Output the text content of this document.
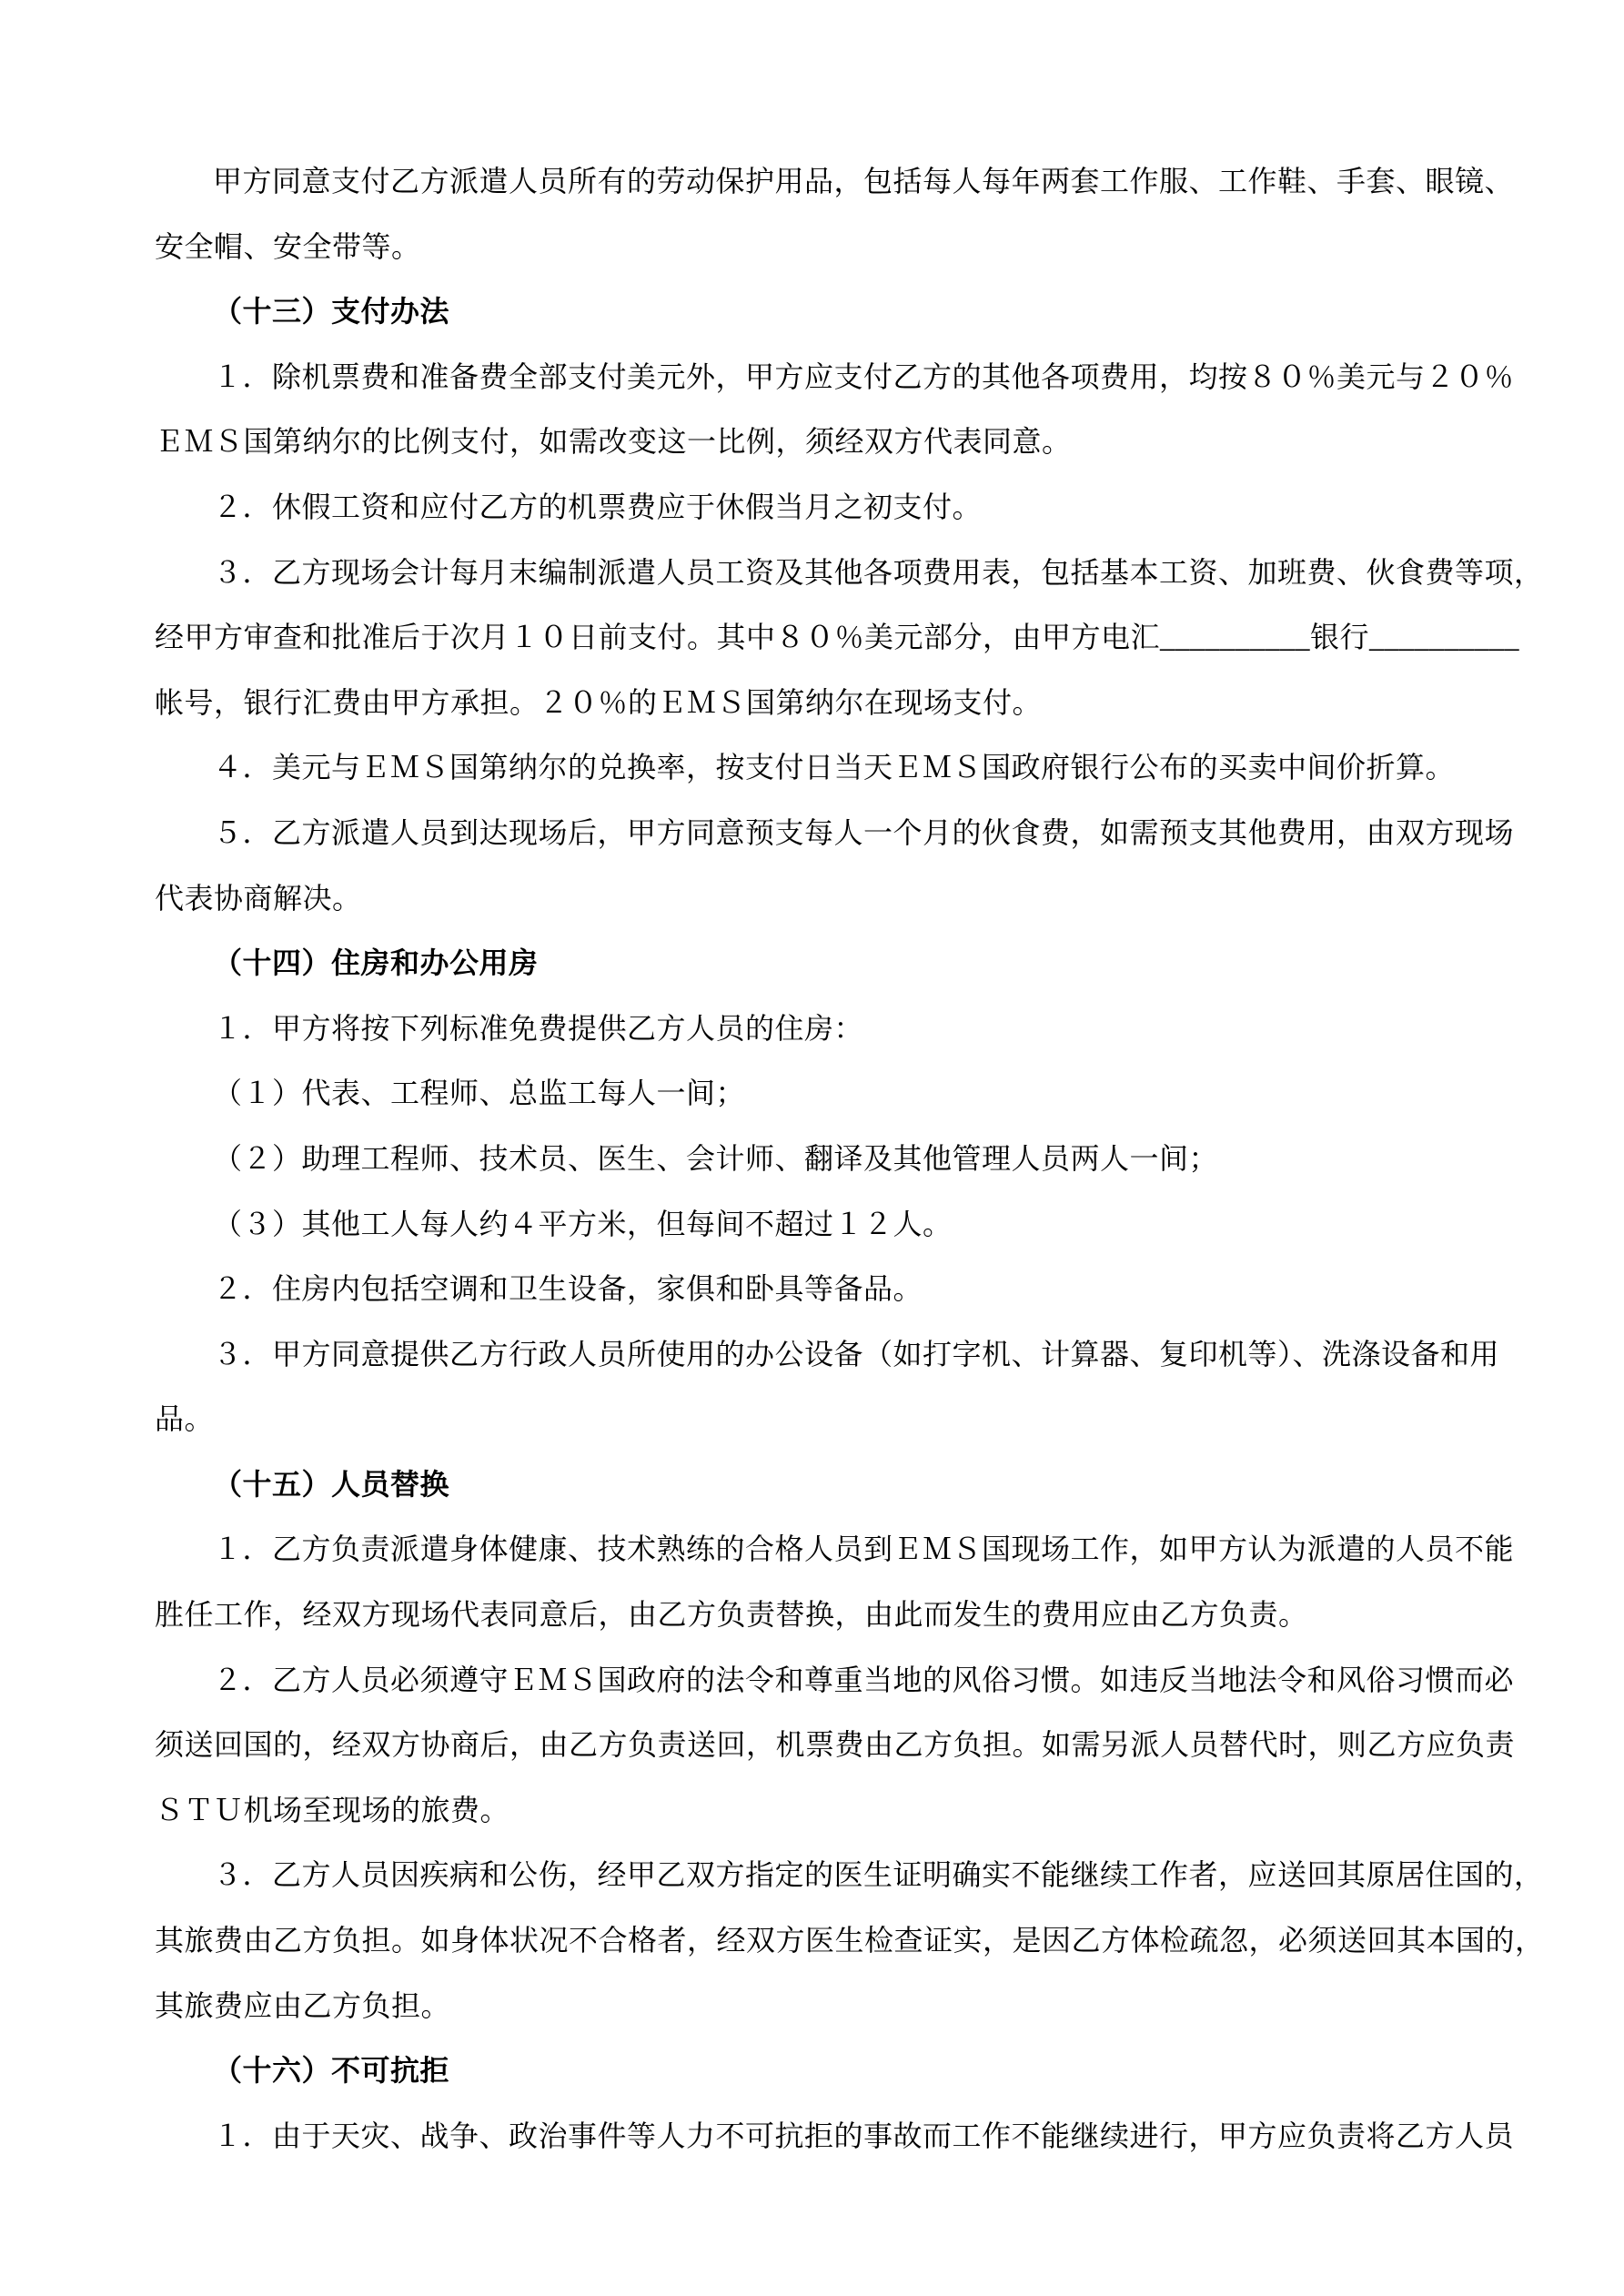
甲方同意支付乙方派遣人员所有的劳动保护用品，包括每人每年两套工作服、工作鞋、手套、眼镜、
安全帽、安全带等。
（十三）支付办法
１．除机票费和准备费全部支付美元外，甲方应支付乙方的其他各项费用，均按８０％美元与２０％
ＥＭＳ国第纳尔的比例支付，如需改变这一比例，须经双方代表同意。
２．休假工资和应付乙方的机票费应于休假当月之初支付。
３．乙方现场会计每月末编制派遣人员工资及其他各项费用表，包括基本工资、加班费、伙食费等项，
经甲方审查和批准后于次月１０日前支付。其中８０％美元部分，由甲方电汇__________银行__________
帐号，银行汇费由甲方承担。２０％的ＥＭＳ国第纳尔在现场支付。
４．美元与ＥＭＳ国第纳尔的兑换率，按支付日当天ＥＭＳ国政府银行公布的买卖中间价折算。
５．乙方派遣人员到达现场后，甲方同意预支每人一个月的伙食费，如需预支其他费用，由双方现场
代表协商解决。
（十四）住房和办公用房
１．甲方将按下列标准免费提供乙方人员的住房：
（１）代表、工程师、总监工每人一间；
（２）助理工程师、技术员、医生、会计师、翻译及其他管理人员两人一间；
（３）其他工人每人约４平方米，但每间不超过１２人。
２．住房内包括空调和卫生设备，家俱和卧具等备品。
３．甲方同意提供乙方行政人员所使用的办公设备（如打字机、计算器、复印机等）、洗涤设备和用
品。
（十五）人员替换
１．乙方负责派遣身体健康、技术熟练的合格人员到ＥＭＳ国现场工作，如甲方认为派遣的人员不能
胜任工作，经双方现场代表同意后，由乙方负责替换，由此而发生的费用应由乙方负责。
２．乙方人员必须遵守ＥＭＳ国政府的法令和尊重当地的风俗习惯。如违反当地法令和风俗习惯而必
须送回国的，经双方协商后，由乙方负责送回，机票费由乙方负担。如需另派人员替代时，则乙方应负责
ＳＴＵ机场至现场的旅费。
３．乙方人员因疾病和公伤，经甲乙双方指定的医生证明确实不能继续工作者，应送回其原居住国的，
其旅费由乙方负担。如身体状况不合格者，经双方医生检查证实，是因乙方体检疏忽，必须送回其本国的，
其旅费应由乙方负担。
（十六）不可抗拒
１．由于天灾、战争、政治事件等人力不可抗拒的事故而工作不能继续进行，甲方应负责将乙方人员
